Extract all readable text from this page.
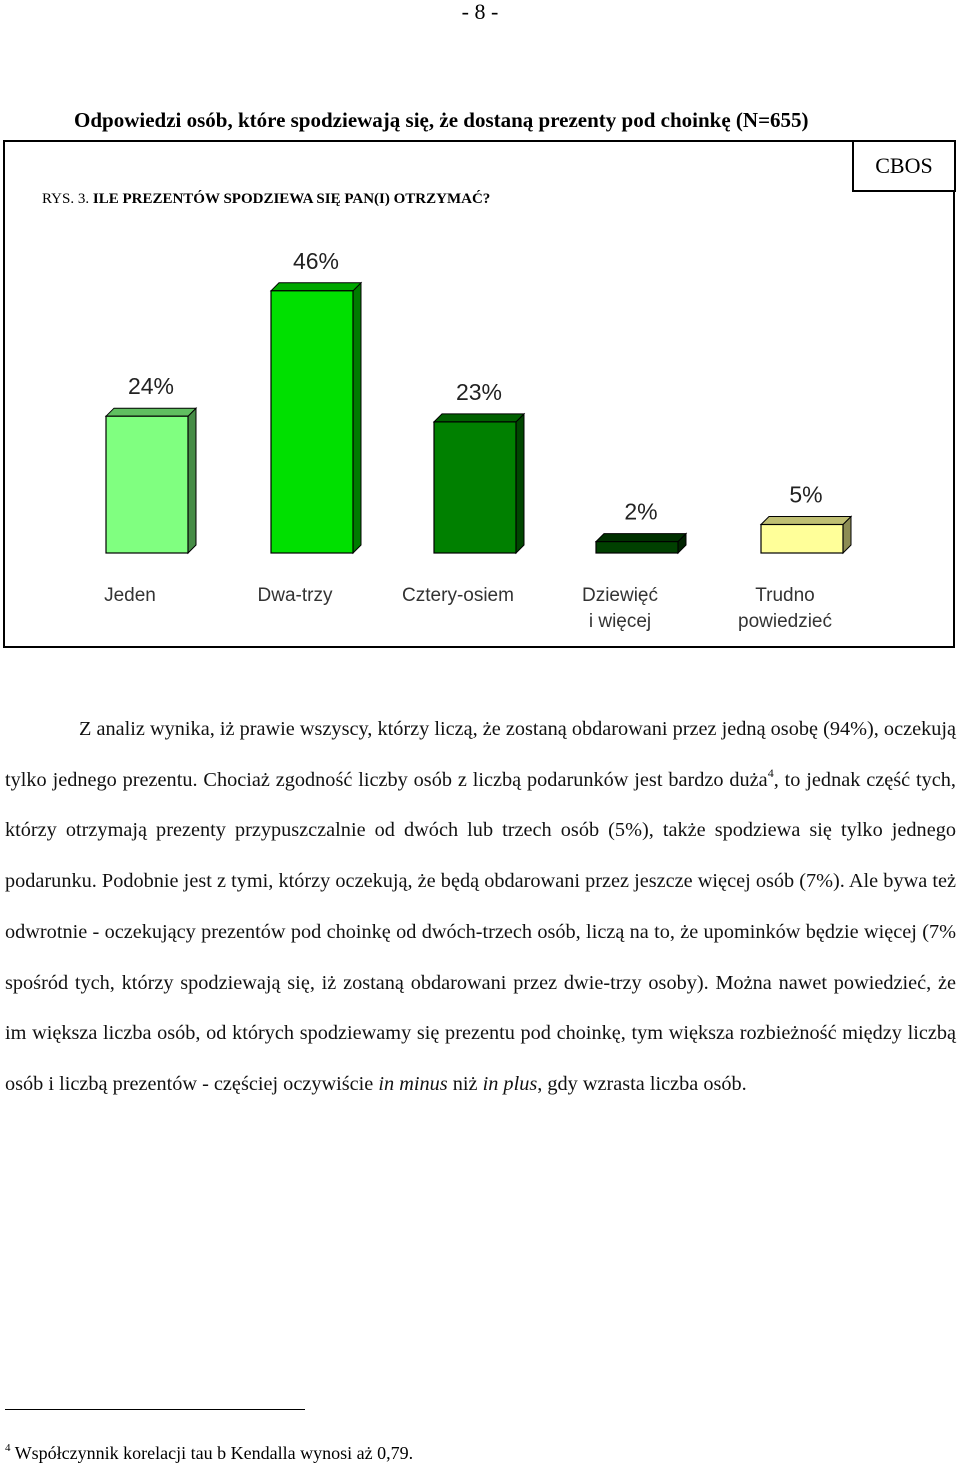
- 8 -
Odpowiedzi osób, które spodziewają się, że dostaną prezenty pod choinkę (N=655)
CBOS
RYS. 3. ILE PREZENTÓW SPODZIEWA SIĘ PAN(I) OTRZYMAĆ?
24%
Jeden
46%
Dwa-trzy
23%
Cztery-osiem
2%
Dziewięć
i więcej
5%
Trudno
powiedzieć

Z analiz wynika, iż prawie wszyscy, którzy liczą, że zostaną obdarowani przez jedną osobę (94%), oczekują tylko jednego prezentu. Chociaż zgodność liczby osób z liczbą podarunków jest bardzo duża$^4$, to jednak część tych, którzy otrzymają prezenty przypuszczalnie od dwóch lub trzech osób (5%), także spodziewa się tylko jednego podarunku. Podobnie jest z tymi, którzy oczekują, że będą obdarowani przez jeszcze więcej osób (7%). Ale bywa też odwrotnie - oczekujący prezentów pod choinkę od dwóch-trzech osób, liczą na to, że upominków będzie więcej (7% spośród tych, którzy spodziewają się, iż zostaną obdarowani przez dwie-trzy osoby). Można nawet powiedzieć, że im większa liczba osób, od których spodziewamy się prezentu pod choinkę, tym większa rozbieżność między liczbą osób i liczbą prezentów - częściej oczywiście in minus niż in plus, gdy wzrasta liczba osób.

$^4$ Współczynnik korelacji tau b Kendalla wynosi aż 0,79.
